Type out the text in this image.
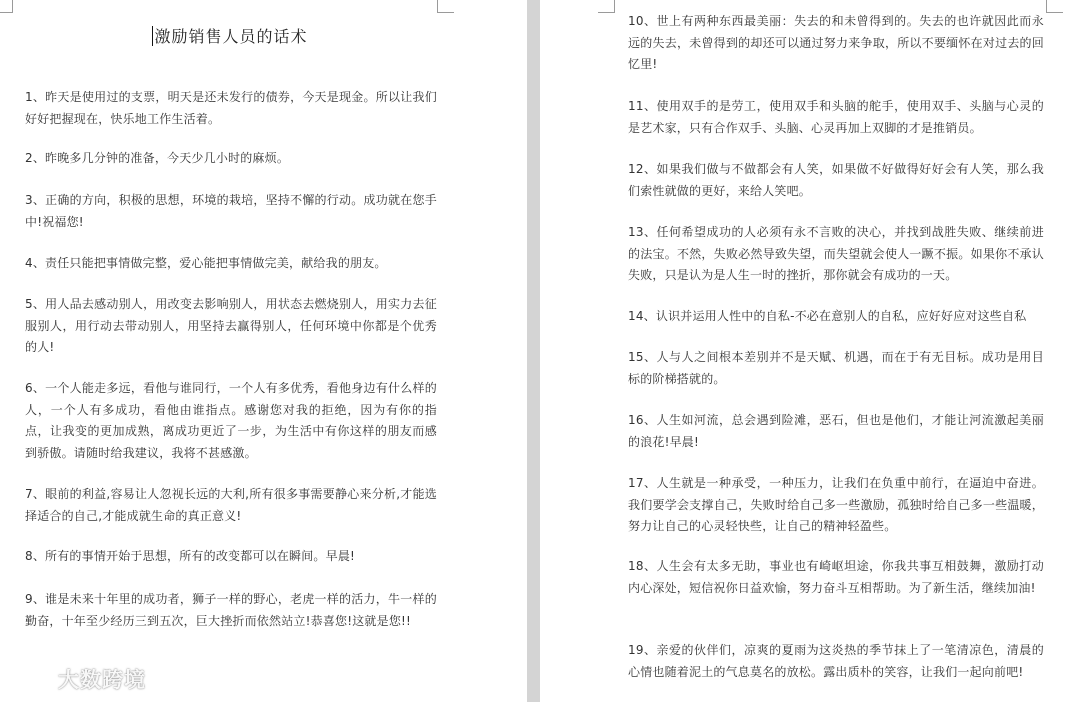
激励销售人员的话术

1、昨天是使用过的支票，明天是还未发行的债券，今天是现金。所以让我们好好把握现在，快乐地工作生活着。

2、昨晚多几分钟的准备，今天少几小时的麻烦。

3、正确的方向，积极的思想，环境的栽培，坚持不懈的行动。成功就在您手中!祝福您!

4、责任只能把事情做完整，爱心能把事情做完美，献给我的朋友。

5、用人品去感动别人，用改变去影响别人，用状态去燃烧别人，用实力去征服别人，用行动去带动别人，用坚持去赢得别人，任何环境中你都是个优秀的人!

6、一个人能走多远，看他与谁同行，一个人有多优秀，看他身边有什么样的人，一个人有多成功，看他由谁指点。感谢您对我的拒绝，因为有你的指点，让我变的更加成熟，离成功更近了一步，为生活中有你这样的朋友而感到骄傲。请随时给我建议，我将不甚感激。

7、眼前的利益,容易让人忽视长远的大利,所有很多事需要静心来分析,才能选择适合的自己,才能成就生命的真正意义!

8、所有的事情开始于思想，所有的改变都可以在瞬间。早晨!

9、谁是未来十年里的成功者，狮子一样的野心，老虎一样的活力，牛一样的勤奋，十年至少经历三到五次，巨大挫折而依然站立!恭喜您!这就是您!!

10、世上有两种东西最美丽：失去的和未曾得到的。失去的也许就因此而永远的失去，未曾得到的却还可以通过努力来争取，所以不要缅怀在对过去的回忆里!

11、使用双手的是劳工，使用双手和头脑的舵手，使用双手、头脑与心灵的是艺术家，只有合作双手、头脑、心灵再加上双脚的才是推销员。

12、如果我们做与不做都会有人笑，如果做不好做得好好会有人笑，那么我们索性就做的更好，来给人笑吧。

13、任何希望成功的人必须有永不言败的决心，并找到战胜失败、继续前进的法宝。不然，失败必然导致失望，而失望就会使人一蹶不振。如果你不承认失败，只是认为是人生一时的挫折，那你就会有成功的一天。

14、认识并运用人性中的自私-不必在意别人的自私，应好好应对这些自私

15、人与人之间根本差别并不是天赋、机遇，而在于有无目标。成功是用目标的阶梯搭就的。

16、人生如河流，总会遇到险滩，恶石，但也是他们，才能让河流激起美丽的浪花!早晨!

17、人生就是一种承受，一种压力，让我们在负重中前行，在逼迫中奋进。我们要学会支撑自己，失败时给自己多一些激励，孤独时给自己多一些温暖，努力让自己的心灵轻快些，让自己的精神轻盈些。

18、人生会有太多无助，事业也有崎岖坦途，你我共事互相鼓舞，激励打动内心深处，短信祝你日益欢愉，努力奋斗互相帮助。为了新生活，继续加油!

19、亲爱的伙伴们，凉爽的夏雨为这炎热的季节抹上了一笔清凉色，清晨的心情也随着泥土的气息莫名的放松。露出质朴的笑容，让我们一起向前吧!

大数跨境
